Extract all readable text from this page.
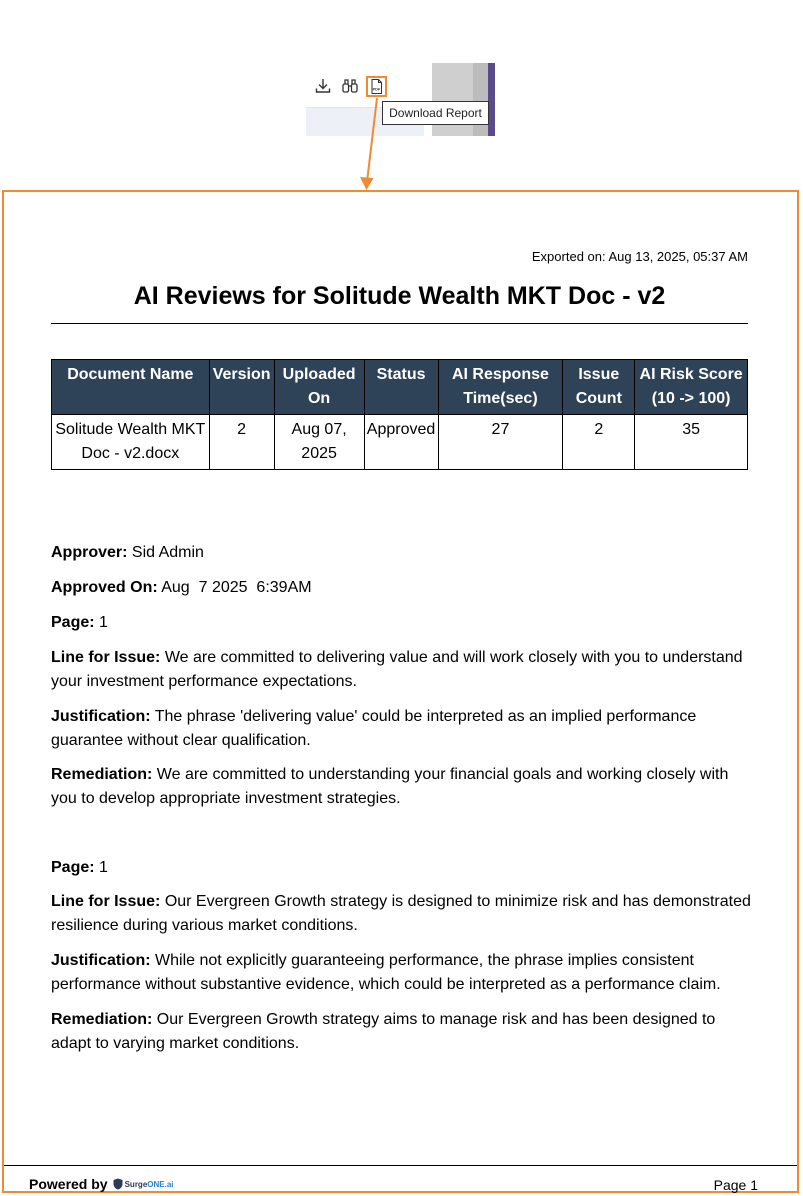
PDF
Download Report
Exported on: Aug 13, 2025, 05:37 AM
AI Reviews for Solitude Wealth MKT Doc - v2
Document Name	Version	Uploaded On	Status	AI Response Time(sec)	Issue Count	AI Risk Score (10 -> 100)
Solitude Wealth MKT Doc - v2.docx	2	Aug 07, 2025	Approved	27	2	35
Approver: Sid Admin
Approved On: Aug  7 2025  6:39AM
Page: 1
Line for Issue: We are committed to delivering value and will work closely with you to understand your investment performance expectations.
Justification: The phrase 'delivering value' could be interpreted as an implied performance guarantee without clear qualification.
Remediation: We are committed to understanding your financial goals and working closely with you to develop appropriate investment strategies.
Page: 1
Line for Issue: Our Evergreen Growth strategy is designed to minimize risk and has demonstrated resilience during various market conditions.
Justification: While not explicitly guaranteeing performance, the phrase implies consistent performance without substantive evidence, which could be interpreted as a performance claim.
Remediation: Our Evergreen Growth strategy aims to manage risk and has been designed to adapt to varying market conditions.
Powered by SurgeONE.ai	Page 1
